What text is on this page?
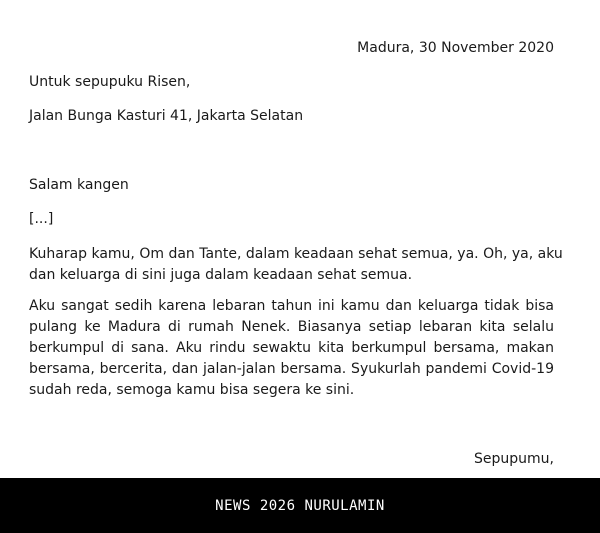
Madura, 30 November 2020
Untuk sepupuku Risen,
Jalan Bunga Kasturi 41, Jakarta Selatan
Salam kangen
[...]
Kuharap kamu, Om dan Tante, dalam keadaan sehat semua, ya. Oh, ya, aku
dan keluarga di sini juga dalam keadaan sehat semua.
Aku sangat sedih karena lebaran tahun ini kamu dan keluarga tidak bisa
pulang ke Madura di rumah Nenek. Biasanya setiap lebaran kita selalu
berkumpul di sana. Aku rindu sewaktu kita berkumpul bersama, makan
bersama, bercerita, dan jalan-jalan bersama. Syukurlah pandemi Covid-19
sudah reda, semoga kamu bisa segera ke sini.
Sepupumu,
NEWS 2026 NURULAMIN
